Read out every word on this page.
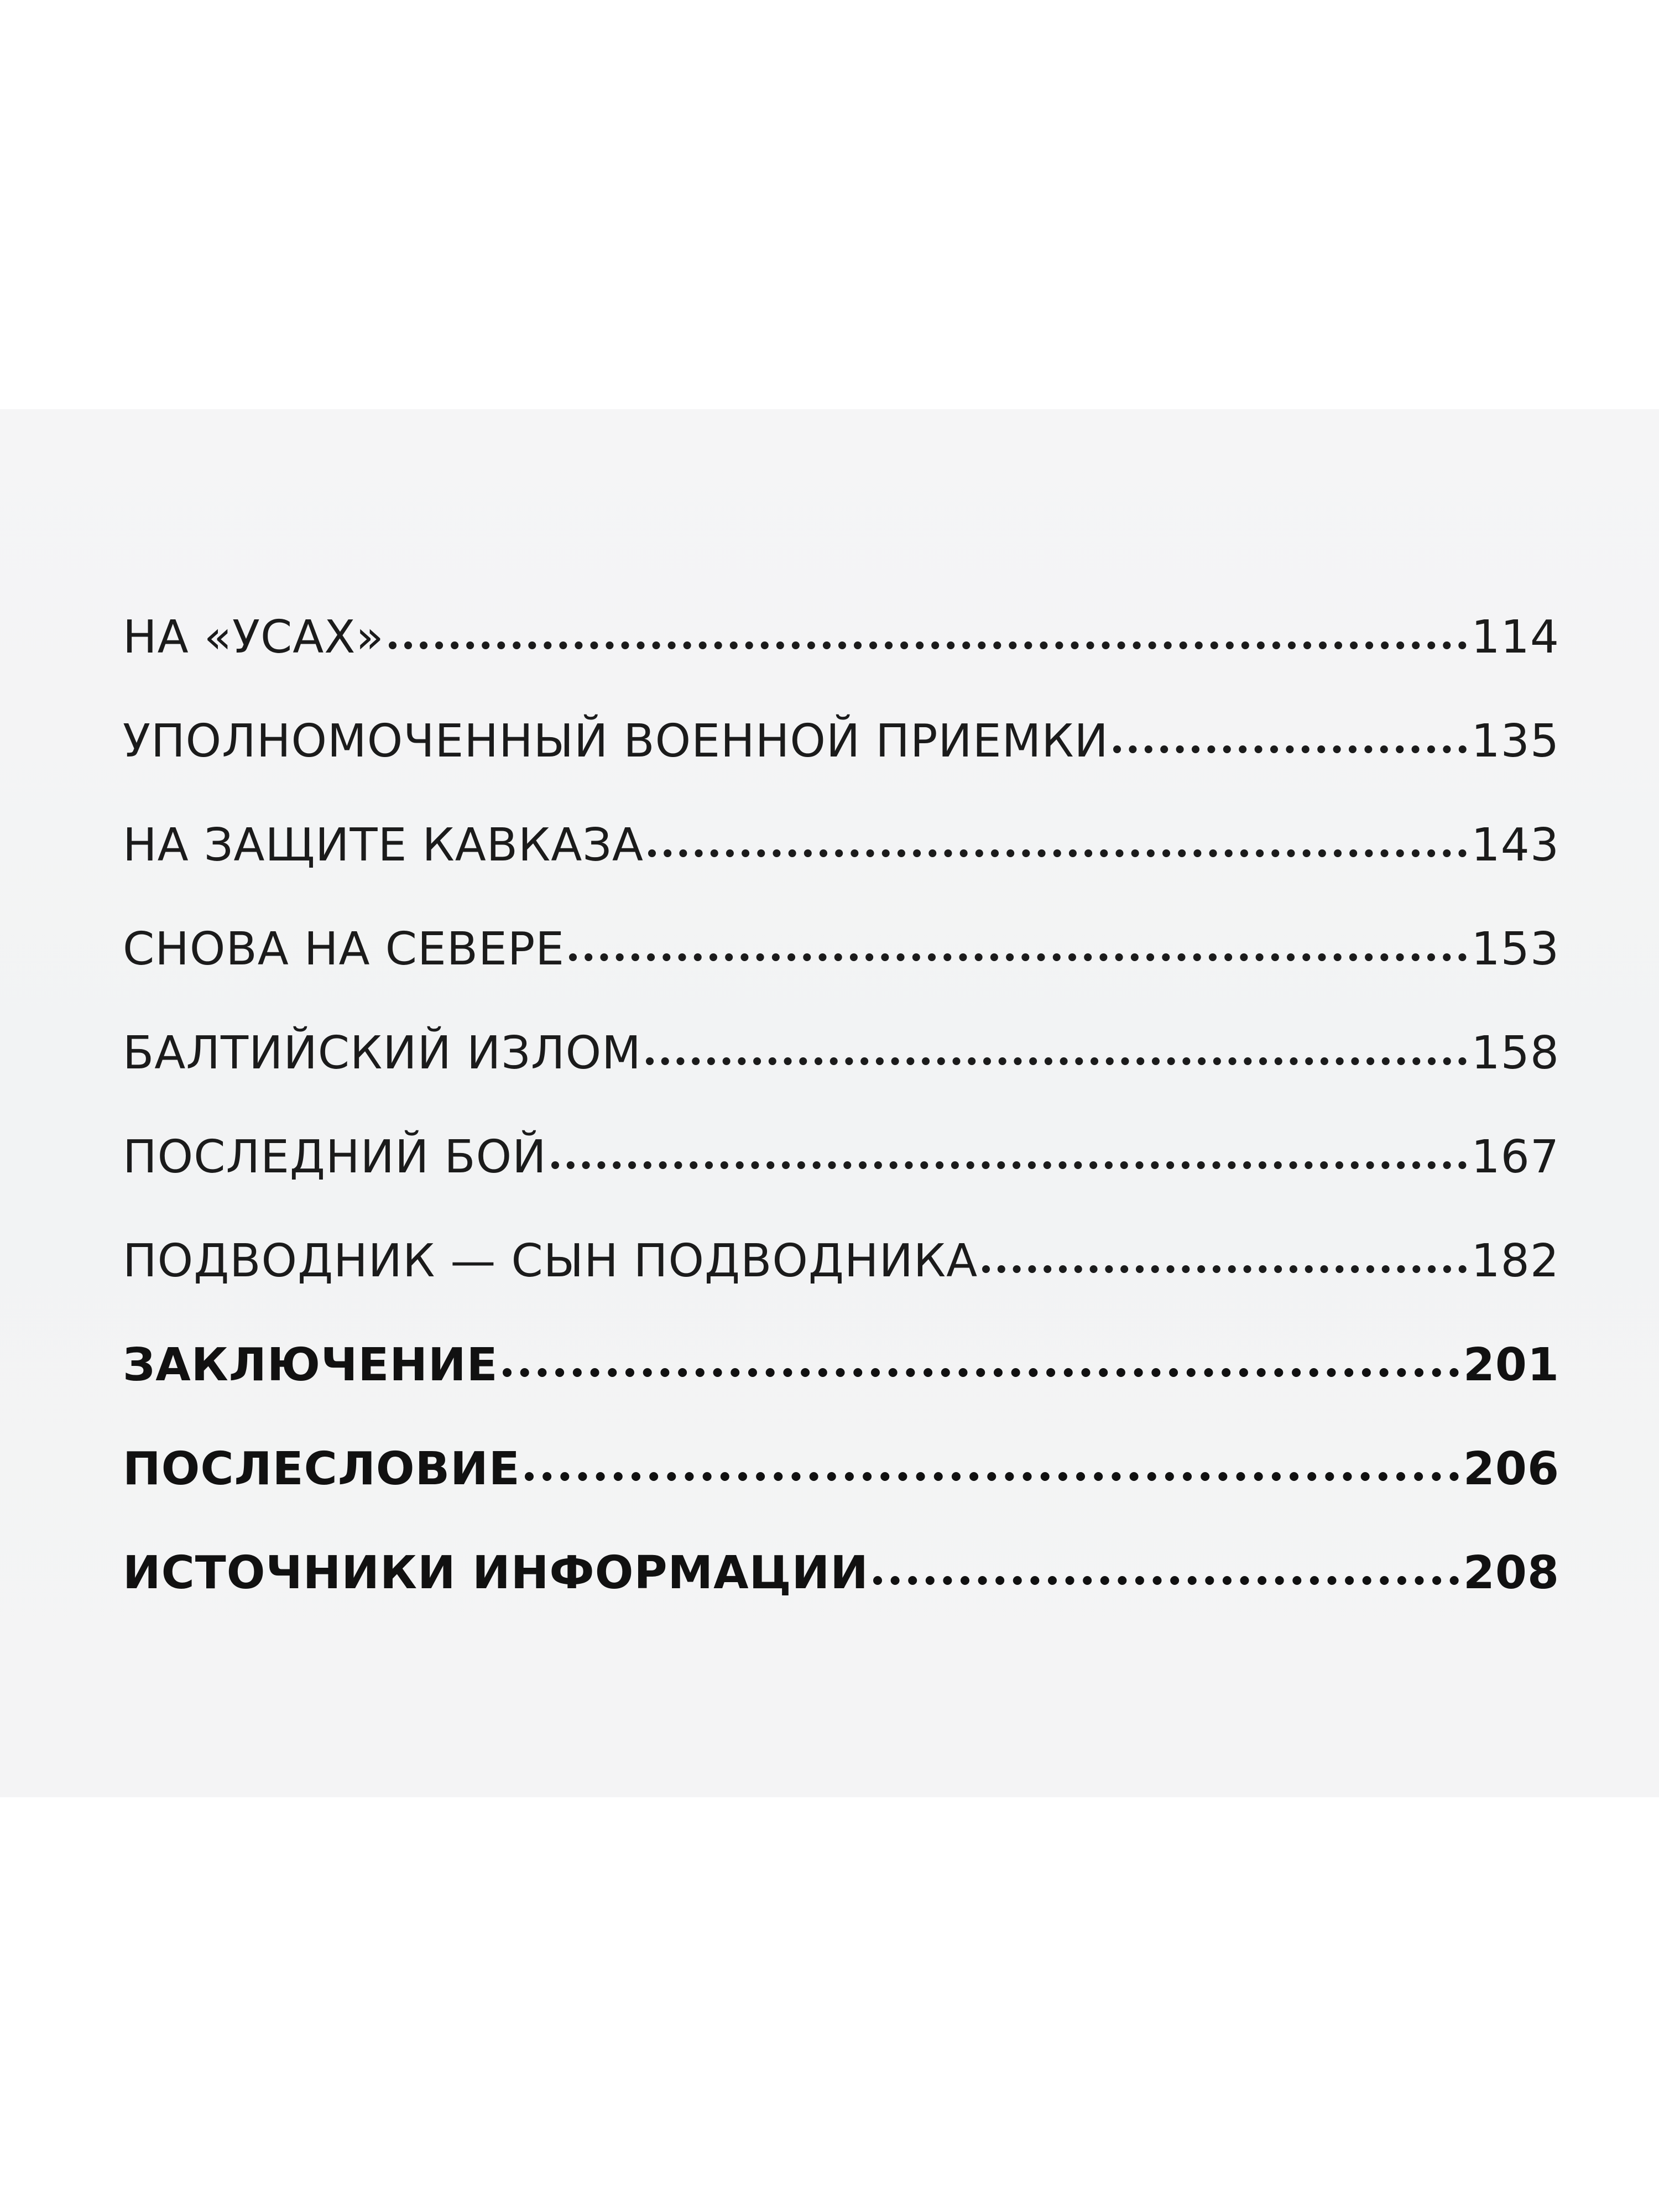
НА «УСАХ»	114
УПОЛНОМОЧЕННЫЙ ВОЕННОЙ ПРИЕМКИ	135
НА ЗАЩИТЕ КАВКАЗА	143
СНОВА НА СЕВЕРЕ	153
БАЛТИЙСКИЙ ИЗЛОМ	158
ПОСЛЕДНИЙ БОЙ	167
ПОДВОДНИК — СЫН ПОДВОДНИКА	182
ЗАКЛЮЧЕНИЕ	201
ПОСЛЕСЛОВИЕ	206
ИСТОЧНИКИ ИНФОРМАЦИИ	208
